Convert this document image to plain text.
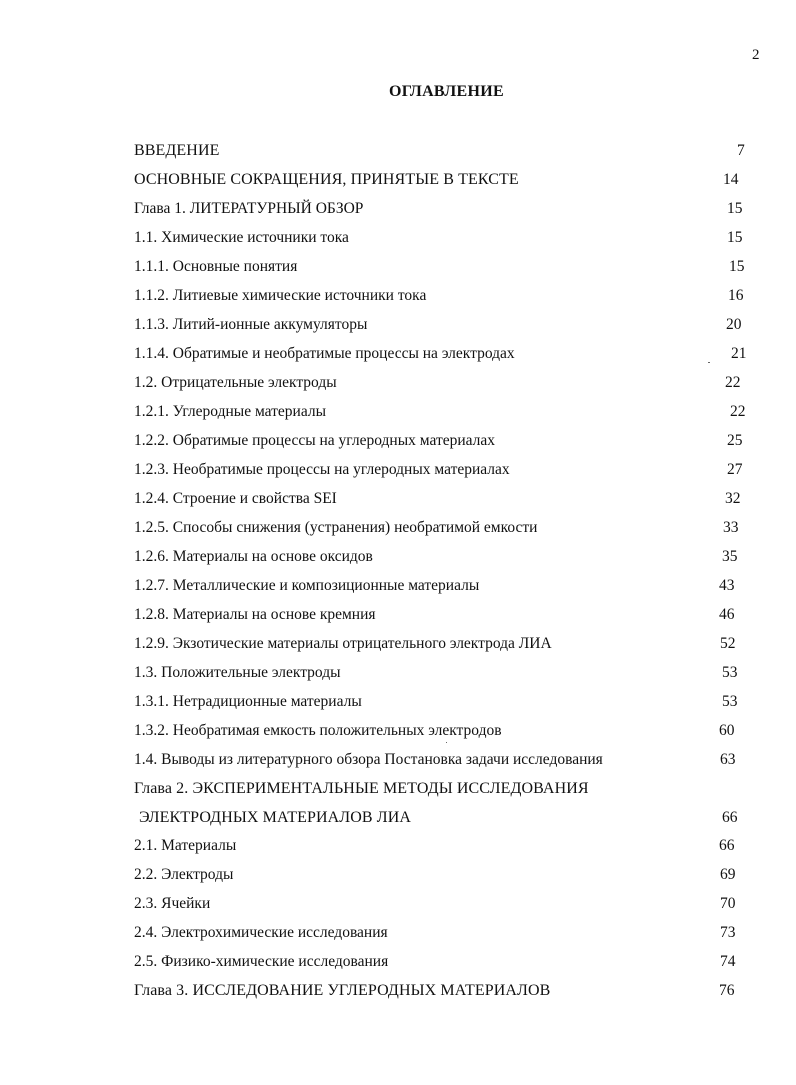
2
ОГЛАВЛЕНИЕ
ВВЕДЕНИЕ	7
ОСНОВНЫЕ СОКРАЩЕНИЯ, ПРИНЯТЫЕ В ТЕКСТЕ	14
Глава 1. ЛИТЕРАТУРНЫЙ ОБЗОР	15
1.1. Химические источники тока	15
1.1.1. Основные понятия	15
1.1.2. Литиевые химические источники тока	16
1.1.3. Литий-ионные аккумуляторы	20
1.1.4. Обратимые и необратимые процессы на электродах	21
1.2. Отрицательные электроды	22
1.2.1. Углеродные материалы	22
1.2.2. Обратимые процессы на углеродных материалах	25
1.2.3. Необратимые процессы на углеродных материалах	27
1.2.4. Строение и свойства SEI	32
1.2.5. Способы снижения (устранения) необратимой емкости	33
1.2.6. Материалы на основе оксидов	35
1.2.7. Металлические и композиционные материалы	43
1.2.8. Материалы на основе кремния	46
1.2.9. Экзотические материалы отрицательного электрода ЛИА	52
1.3. Положительные электроды	53
1.3.1. Нетрадиционные материалы	53
1.3.2. Необратимая емкость положительных электродов	60
1.4. Выводы из литературного обзора Постановка задачи исследования	63
Глава 2. ЭКСПЕРИМЕНТАЛЬНЫЕ МЕТОДЫ ИССЛЕДОВАНИЯ
ЭЛЕКТРОДНЫХ МАТЕРИАЛОВ ЛИА	66
2.1. Материалы	66
2.2. Электроды	69
2.3. Ячейки	70
2.4. Электрохимические исследования	73
2.5. Физико-химические исследования	74
Глава 3. ИССЛЕДОВАНИЕ УГЛЕРОДНЫХ МАТЕРИАЛОВ	76
